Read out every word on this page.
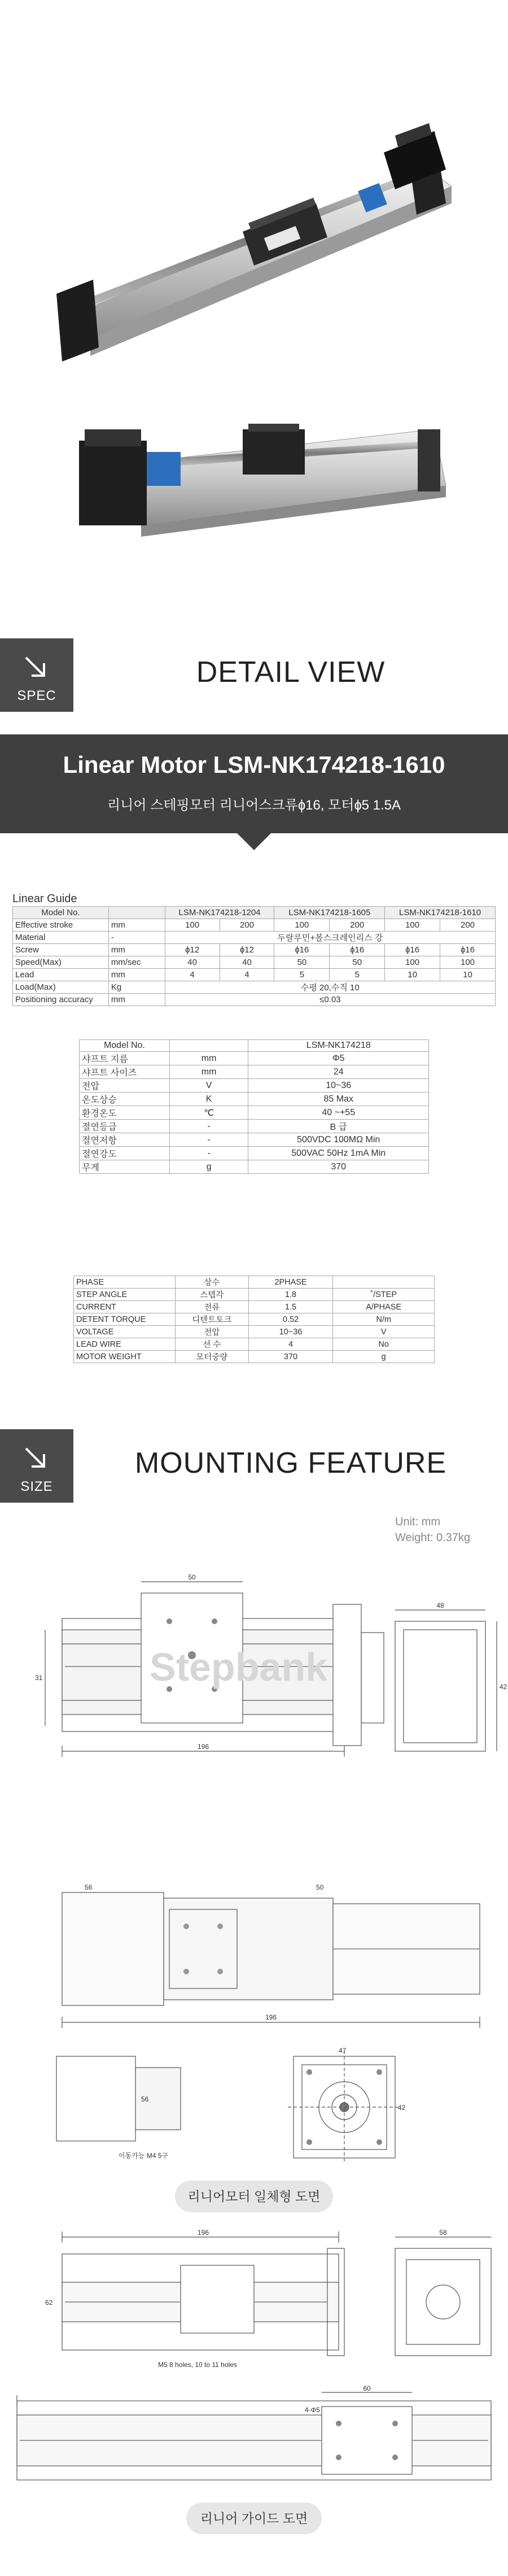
SPEC
DETAIL VIEW
Linear Motor LSM-NK174218-1610
리니어 스테핑모터 리니어스크류ɸ16, 모터ɸ5 1.5A
Linear Guide
Model No.		LSM-NK174218-1204		LSM-NK174218-1605		LSM-NK174218-1610	
Effective stroke	mm	100	200	100	200	100	200
Material	-	두랄루민+볼스크레인리스 강					
Screw	mm	ɸ12	ɸ12	ɸ16	ɸ16	ɸ16	ɸ16
Speed(Max)	mm/sec	40	40	50	50	100	100
Lead	mm	4	4	5	5	10	10
Load(Max)	Kg	수평 20,수직 10					
Positioning accuracy	mm	≤0.03					
Model No.		LSM-NK174218
샤프트 지름	mm	Φ5
샤프트 사이즈	mm	24
전압	V	10~36
온도상승	K	85 Max
환경온도	℃	40 ~+55
절연등급	-	B 급
절연저항	-	500VDC 100MΩ Min
절연강도	-	500VAC 50Hz 1mA Min
무게	g	370
PHASE	상수	2PHASE	
STEP ANGLE	스텝각	1.8	˚/STEP
CURRENT	전류	1.5	A/PHASE
DETENT TORQUE	디텐트토크	0.52	N/m
VOLTAGE	전압	10~36	V
LEAD WIRE	선 수	4	No
MOTOR WEIGHT	모터중량	370	g
SIZE
MOUNTING FEATURE
Unit: mm
Weight: 0.37kg
Stepbank
50
196
31
48
42
196
56	50
이동가능 M4 5구
47
42
56
리니어모터 일체형 도면
196	58
M5 8 holes, 10 to 11 holes
62
60
4-Φ5
리니어 가이드 도면
